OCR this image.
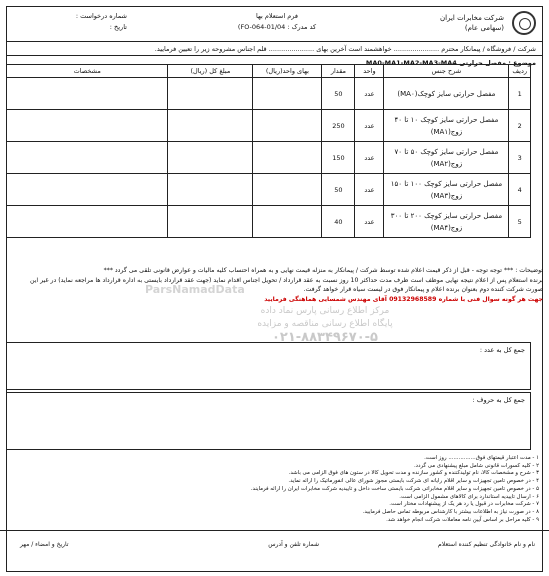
شرکت مخابرات ایران
(سهامی عام)
فرم استعلام بها
کد مدرک : FO-064-01/04)
شماره درخواست :
تاریخ :
شرکت / فروشگاه / پیمانکار محترم ...................... خواهشمند است آخرین بهای ...................... قلم اجناس مشروحه زیر را تعیین فرمایید.
موضوع : مفصل حرارتی MA0-MA1-MA2-MA3-MA4
ردیف	شرح جنس	واحد	مقدار	بهای واحد(ریال)	مبلغ کل (ریال)	مشخصات
1	مفصل حرارتی سایز کوچک(MA۰)	عدد	50			
2	مفصل حرارتی سایز کوچک ۱۰ تا ۴۰ زوج(MA۱)	عدد	250			
3	مفصل حرارتی سایز کوچک ۵۰ تا ۷۰ زوج(MA۲)	عدد	150			
4	مفصل حرارتی سایز کوچک ۱۰۰ تا ۱۵۰ زوج(MA۳)	عدد	50			
5	مفصل حرارتی سایز کوچک ۲۰۰ تا ۳۰۰ زوج(MA۴)	عدد	40			
توضیحات : *** توجه توجه - قبل از ذکر قیمت اعلام شده توسط شرکت / پیمانکار به منزله قیمت نهایی و به همراه احتساب کلیه مالیات و عوارض قانونی تلقی می گردد ***
برنده استعلام پس از اعلام نتیجه نهایی موظف است ظرف مدت حداکثر 10 روز نسبت به عقد قرارداد / تحویل اجناس اقدام نماید (جهت عقد قرارداد بایستی به اداره قرارداد ها مراجعه نماید) در غیر این صورت شرکت کننده دوم بعنوان برنده اعلام و پیمانکار فوق در لیست سیاه قرار خواهد گرفت.
جهت هر گونه سوال فنی با شماره 09132968589 آقای مهندس شمسایی هماهنگی فرمایید
ParsNamadData
مرکز اطلاع رسانی پارس نماد داده
پایگاه اطلاع رسانی مناقصه و مزایده
۰۲۱-۸۸۳۴۹۶۷۰-۵
جمع کل به عدد :
جمع کل به حروف :
۱ - مدت اعتبار قیمتهای فوق................ روز است.
۲ - کلیه کسورات قانونی شامل مبلغ پیشنهادی می گردد.
۳ - شرح و مشخصات کالا، نام تولیدکننده و کشور سازنده و مدت تحویل کالا در ستون های فوق الزامی می باشد.
۴ - در خصوص تامین تجهیزات و سایر اقلام رایانه ای شرکت بایستی مجوز شورای عالی انفورماتیک را ارائه نماید.
۵ - در خصوص تامین تجهیزات و سایر اقلام مخابراتی شرکت بایستی ساخت داخل و تاییدیه شرکت مخابرات ایران را ارائه فرمایند.
۶ - ارسال تاییدیه استاندارد برای کالاهای مشمول الزامی است.
۷ - شرکت مخابرات در قبول یا رد هر یک از پیشنهادات مختار است.
۸ - در صورت نیاز به اطلاعات بیشتر با کارشناس مربوطه تماس حاصل فرمایید.
۹ - کلیه مراحل بر اساس آیین نامه معاملات شرکت انجام خواهد شد.
نام و نام خانوادگی تنظیم کننده استعلام
شماره تلفن و آدرس
تاریخ و امضاء / مهر
